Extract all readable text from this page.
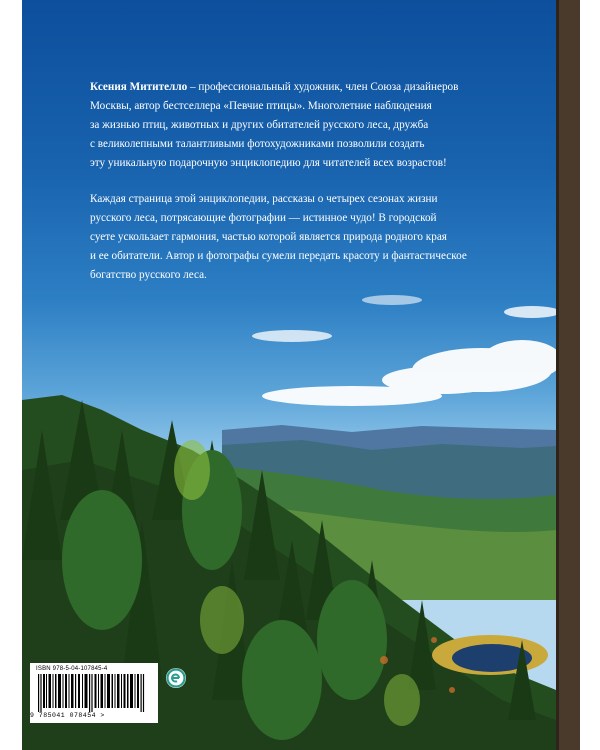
Ксения Митителло – профессиональный художник, член Союза дизайнеров

Москвы, автор бестселлера «Певчие птицы». Многолетние наблюдения

за жизнью птиц, животных и других обитателей русского леса, дружба

с великолепными талантливыми фотохудожниками позволили создать

эту уникальную подарочную энциклопедию для читателей всех возрастов!

Каждая страница этой энциклопедии, рассказы о четырех сезонах жизни

русского леса, потрясающие фотографии — истинное чудо! В городской

суете ускользает гармония, частью которой является природа родного края

и ее обитатели. Автор и фотографы сумели передать красоту и фантастическое

богатство русского леса.

ISBN 978-5-04-107845-4
9 785041 078454 >
